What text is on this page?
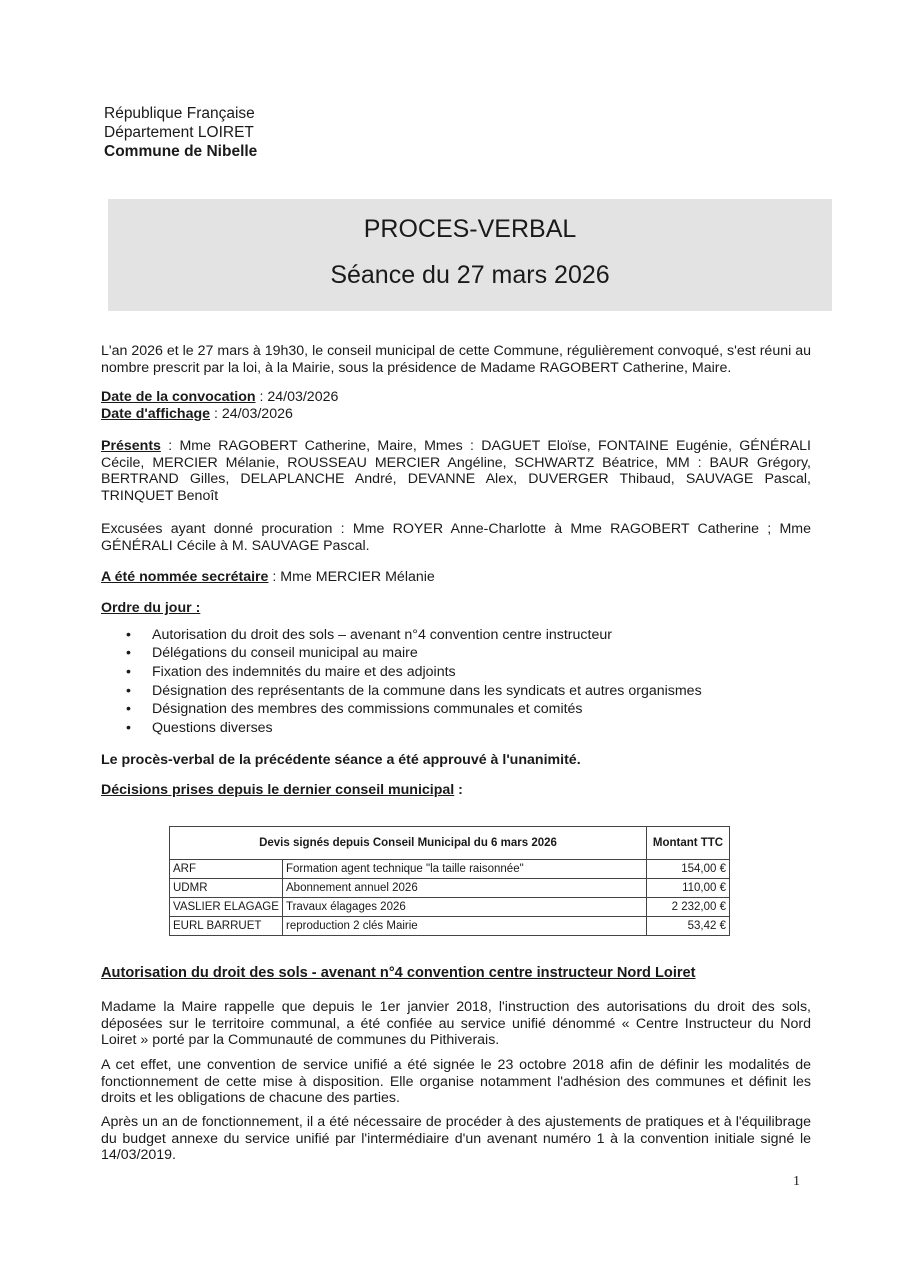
République Française
Département LOIRET
Commune de Nibelle
PROCES-VERBAL
Séance du 27 mars 2026
L'an 2026 et le 27 mars à 19h30, le conseil municipal de cette Commune, régulièrement convoqué, s'est réuni au nombre prescrit par la loi, à la Mairie, sous la présidence de Madame RAGOBERT Catherine, Maire.
Date de la convocation : 24/03/2026
Date d'affichage : 24/03/2026
Présents : Mme RAGOBERT Catherine, Maire, Mmes : DAGUET Eloïse, FONTAINE Eugénie, GÉNÉRALI Cécile, MERCIER Mélanie, ROUSSEAU MERCIER Angéline, SCHWARTZ Béatrice, MM : BAUR Grégory, BERTRAND Gilles, DELAPLANCHE André, DEVANNE Alex, DUVERGER Thibaud, SAUVAGE Pascal, TRINQUET Benoît
Excusées ayant donné procuration : Mme ROYER Anne-Charlotte à Mme RAGOBERT Catherine ; Mme GÉNÉRALI Cécile à M. SAUVAGE Pascal.
A été nommée secrétaire : Mme MERCIER Mélanie
Ordre du jour :
• Autorisation du droit des sols – avenant n°4 convention centre instructeur
• Délégations du conseil municipal au maire
• Fixation des indemnités du maire et des adjoints
• Désignation des représentants de la commune dans les syndicats et autres organismes
• Désignation des membres des commissions communales et comités
• Questions diverses
Le procès-verbal de la précédente séance a été approuvé à l'unanimité.
Décisions prises depuis le dernier conseil municipal :
Devis signés depuis Conseil Municipal du 6 mars 2026		Montant TTC
ARF	Formation agent technique "la taille raisonnée"	154,00 €
UDMR	Abonnement annuel 2026	110,00 €
VASLIER ELAGAGE	Travaux élagages 2026	2 232,00 €
EURL BARRUET	reproduction 2 clés Mairie	53,42 €
Autorisation du droit des sols - avenant n°4 convention centre instructeur Nord Loiret
Madame la Maire rappelle que depuis le 1er janvier 2018, l'instruction des autorisations du droit des sols, déposées sur le territoire communal, a été confiée au service unifié dénommé « Centre Instructeur du Nord Loiret » porté par la Communauté de communes du Pithiverais.
A cet effet, une convention de service unifié a été signée le 23 octobre 2018 afin de définir les modalités de fonctionnement de cette mise à disposition. Elle organise notamment l'adhésion des communes et définit les droits et les obligations de chacune des parties.
Après un an de fonctionnement, il a été nécessaire de procéder à des ajustements de pratiques et à l'équilibrage du budget annexe du service unifié par l'intermédiaire d'un avenant numéro 1 à la convention initiale signé le 14/03/2019.
1
